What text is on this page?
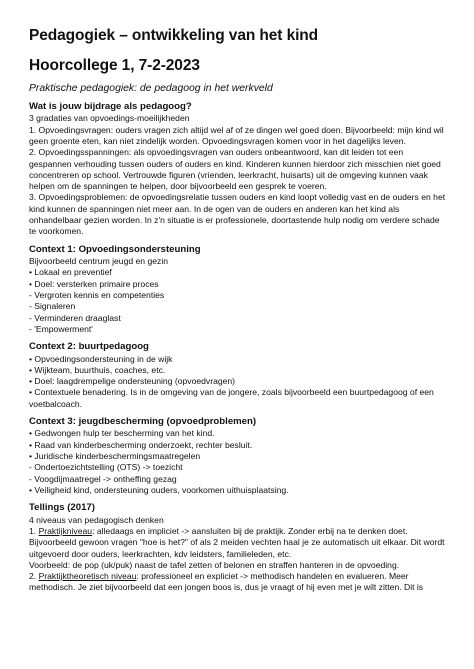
Pedagogiek – ontwikkeling van het kind
Hoorcollege 1, 7-2-2023
Praktische pedagogiek: de pedagoog in het werkveld
Wat is jouw bijdrage als pedagoog?

3 gradaties van opvoedings-moeilijkheden

1. Opvoedingsvragen: ouders vragen zich altijd wel af of ze dingen wel goed doen. Bijvoorbeeld: mijn kind wil geen groente eten, kan niet zindelijk worden. Opvoedingsvragen komen voor in het dagelijks leven.

2. Opvoedingsspanningen: als opvoedingsvragen van ouders onbeantwoord, kan dit leiden tot een gespannen verhouding tussen ouders of ouders en kind. Kinderen kunnen hierdoor zich misschien niet goed concentreren op school. Vertrouwde figuren (vrienden, leerkracht, huisarts) uit de omgeving kunnen vaak helpen om de spanningen te helpen, door bijvoorbeeld een gesprek te voeren.

3. Opvoedingsproblemen: de opvoedingsrelatie tussen ouders en kind loopt volledig vast en de ouders en het kind kunnen de spanningen niet meer aan. In de ogen van de ouders en anderen kan het kind als onhandelbaar gezien worden. In z'n situatie is er professionele, doortastende hulp nodig om verdere schade te voorkomen.

Context 1: Opvoedingsondersteuning

Bijvoorbeeld centrum jeugd en gezin

• Lokaal en preventief

• Doel: versterken primaire proces

- Vergroten kennis en competenties

- Signaleren

- Verminderen draaglast

- 'Empowerment'

Context 2: buurtpedagoog

• Opvoedingsondersteuning in de wijk

• Wijkteam, buurthuis, coaches, etc.

• Doel: laagdrempelige ondersteuning (opvoedvragen)

• Contextuele benadering. Is in de omgeving van de jongere, zoals bijvoorbeeld een buurtpedagoog of een voetbalcoach.

Context 3: jeugdbescherming (opvoedproblemen)

• Gedwongen hulp ter bescherming van het kind.

• Raad van kinderbescherming onderzoekt, rechter besluit.

• Juridische kinderbeschermingsmaatregelen

- Ondertoezichtstelling (OTS) -> toezicht

- Voogdijmaatregel -> ontheffing gezag

• Veiligheid kind, ondersteuning ouders, voorkomen uithuisplaatsing.

Tellings (2017)

4 niveaus van pedagogisch denken

1. Praktijkniveau: alledaags en impliciet -> aansluiten bij de praktijk. Zonder erbij na te denken doet. Bijvoorbeeld gewoon vragen "hoe is het?" of als 2 meiden vechten haal je ze automatisch uit elkaar. Dit wordt uitgevoerd door ouders, leerkrachten, kdv leidsters, familieleden, etc.

Voorbeeld: de pop (uk/puk) naast de tafel zetten of belonen en straffen hanteren in de opvoeding.

2. Praktijktheoretisch niveau: professioneel en expliciet -> methodisch handelen en evalueren. Meer methodisch. Je ziet bijvoorbeeld dat een jongen boos is, dus je vraagt of hij even met je wilt zitten. Dit is
